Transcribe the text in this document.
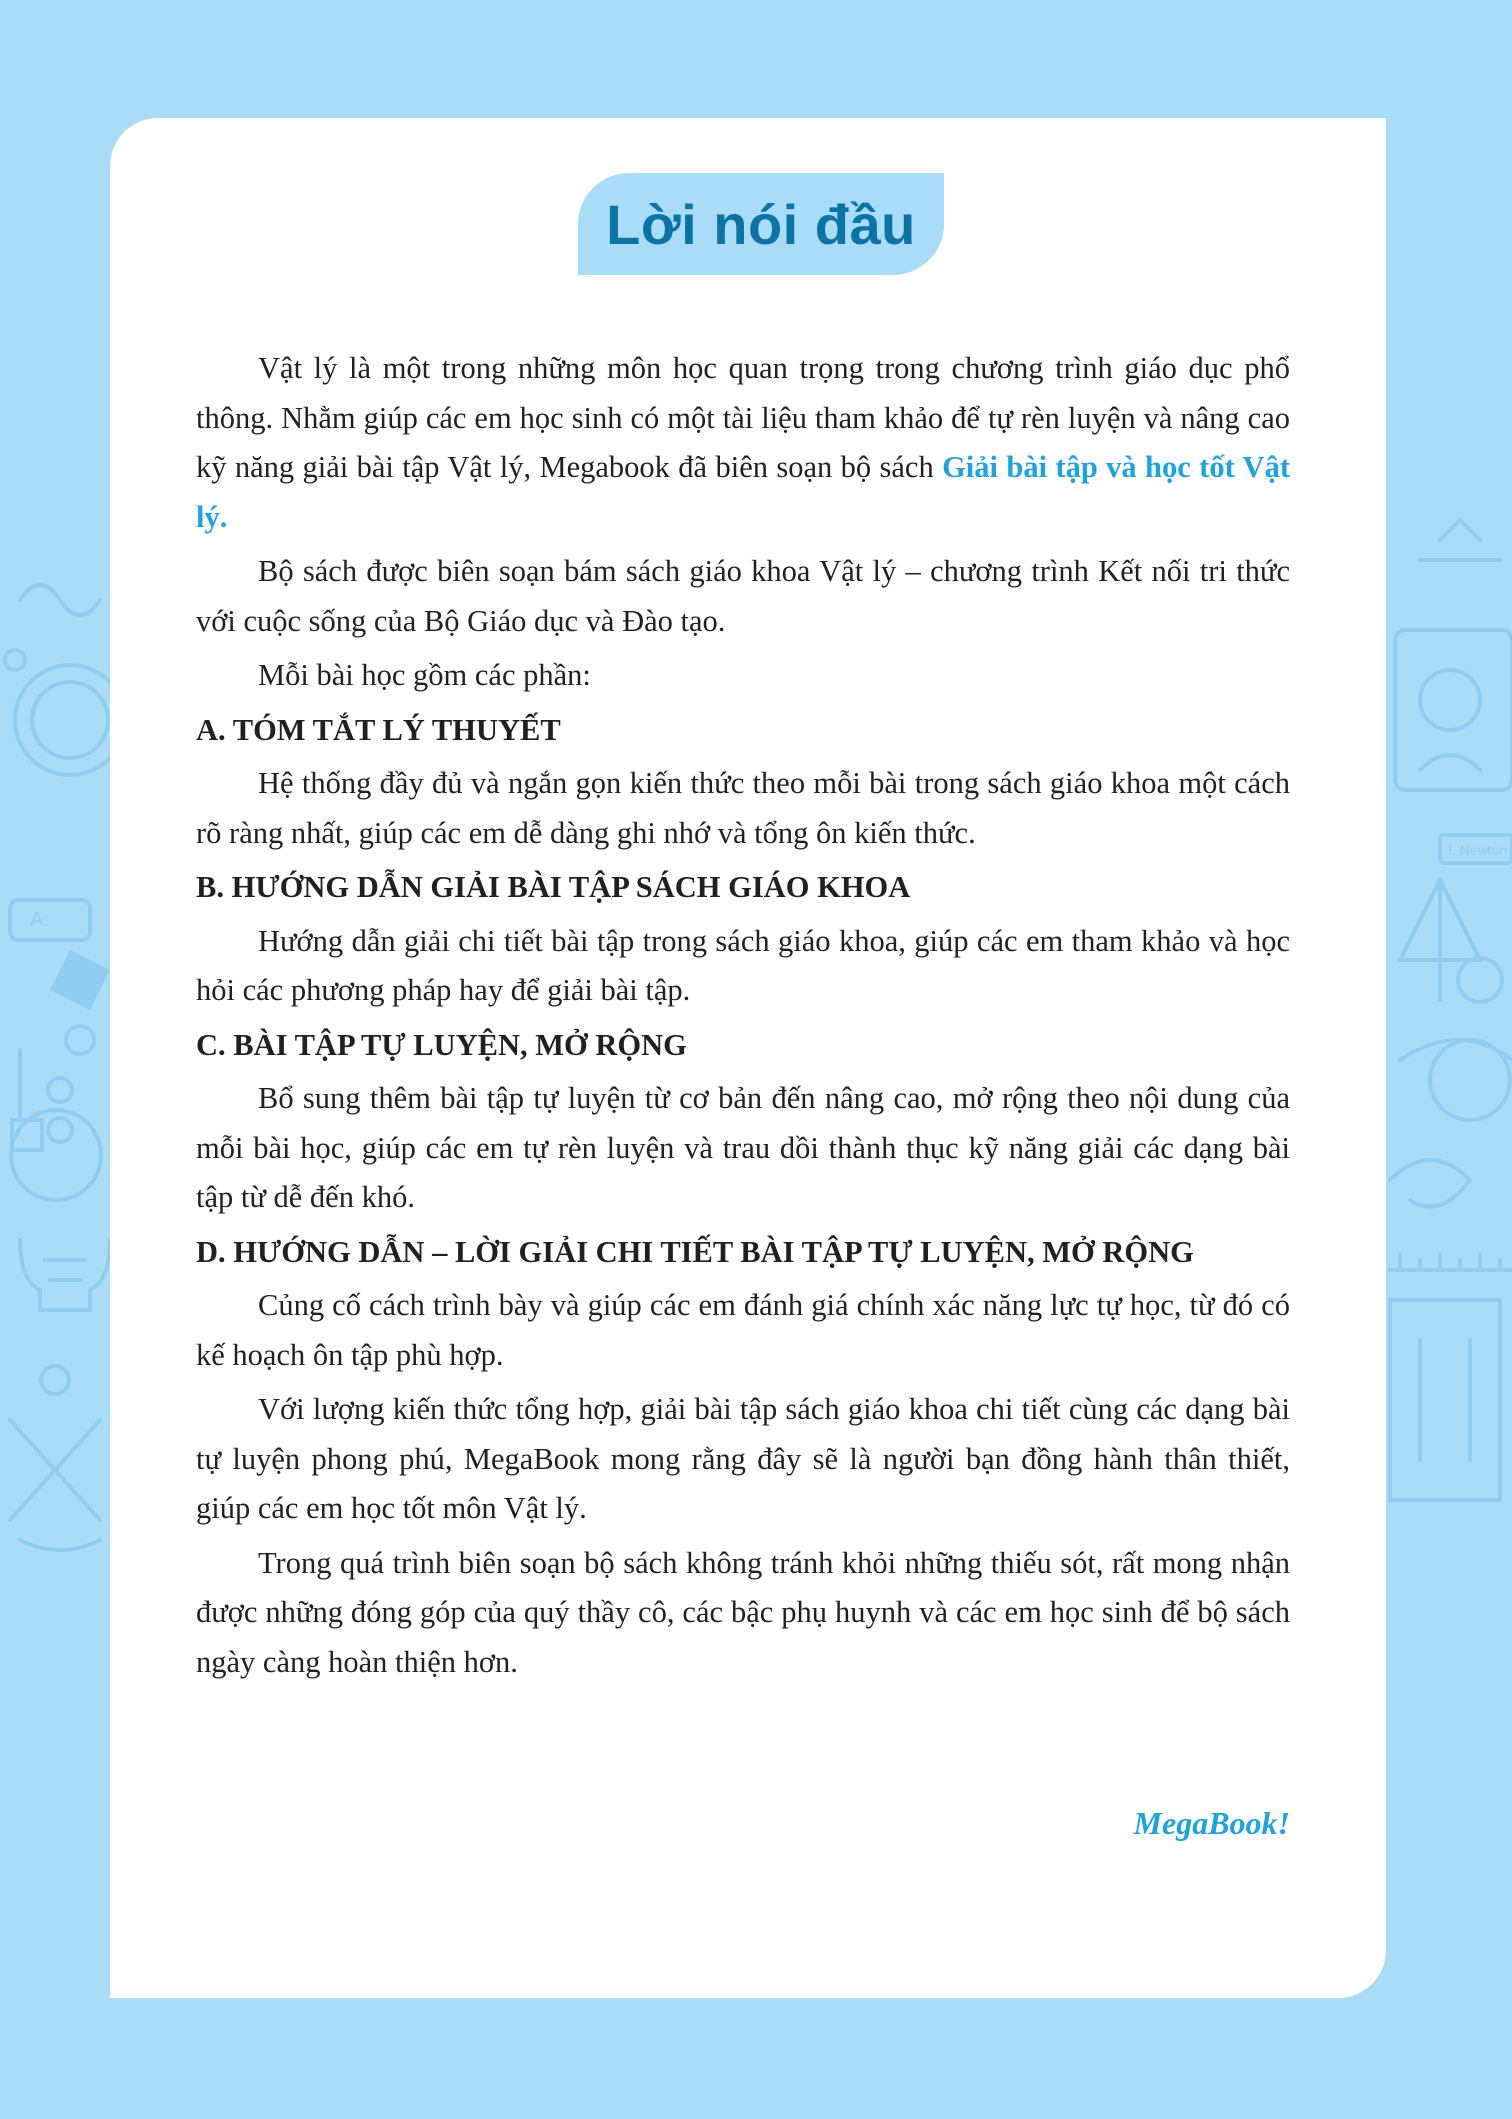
I. Newton
A.
Lời nói đầu

Vật lý là một trong những môn học quan trọng trong chương trình giáo dục phổ thông. Nhằm giúp các em học sinh có một tài liệu tham khảo để tự rèn luyện và nâng cao kỹ năng giải bài tập Vật lý, Megabook đã biên soạn bộ sách Giải bài tập và học tốt Vật lý.

Bộ sách được biên soạn bám sách giáo khoa Vật lý – chương trình Kết nối tri thức với cuộc sống của Bộ Giáo dục và Đào tạo.

Mỗi bài học gồm các phần:

A. TÓM TẮT LÝ THUYẾT

Hệ thống đầy đủ và ngắn gọn kiến thức theo mỗi bài trong sách giáo khoa một cách rõ ràng nhất, giúp các em dễ dàng ghi nhớ và tổng ôn kiến thức.

B. HƯỚNG DẪN GIẢI BÀI TẬP SÁCH GIÁO KHOA

Hướng dẫn giải chi tiết bài tập trong sách giáo khoa, giúp các em tham khảo và học hỏi các phương pháp hay để giải bài tập.

C. BÀI TẬP TỰ LUYỆN, MỞ RỘNG

Bổ sung thêm bài tập tự luyện từ cơ bản đến nâng cao, mở rộng theo nội dung của mỗi bài học, giúp các em tự rèn luyện và trau dồi thành thục kỹ năng giải các dạng bài tập từ dễ đến khó.

D. HƯỚNG DẪN – LỜI GIẢI CHI TIẾT BÀI TẬP TỰ LUYỆN, MỞ RỘNG

Củng cố cách trình bày và giúp các em đánh giá chính xác năng lực tự học, từ đó có kế hoạch ôn tập phù hợp.

Với lượng kiến thức tổng hợp, giải bài tập sách giáo khoa chi tiết cùng các dạng bài tự luyện phong phú, MegaBook mong rằng đây sẽ là người bạn đồng hành thân thiết, giúp các em học tốt môn Vật lý.

Trong quá trình biên soạn bộ sách không tránh khỏi những thiếu sót, rất mong nhận được những đóng góp của quý thầy cô, các bậc phụ huynh và các em học sinh để bộ sách ngày càng hoàn thiện hơn.

MegaBook!
